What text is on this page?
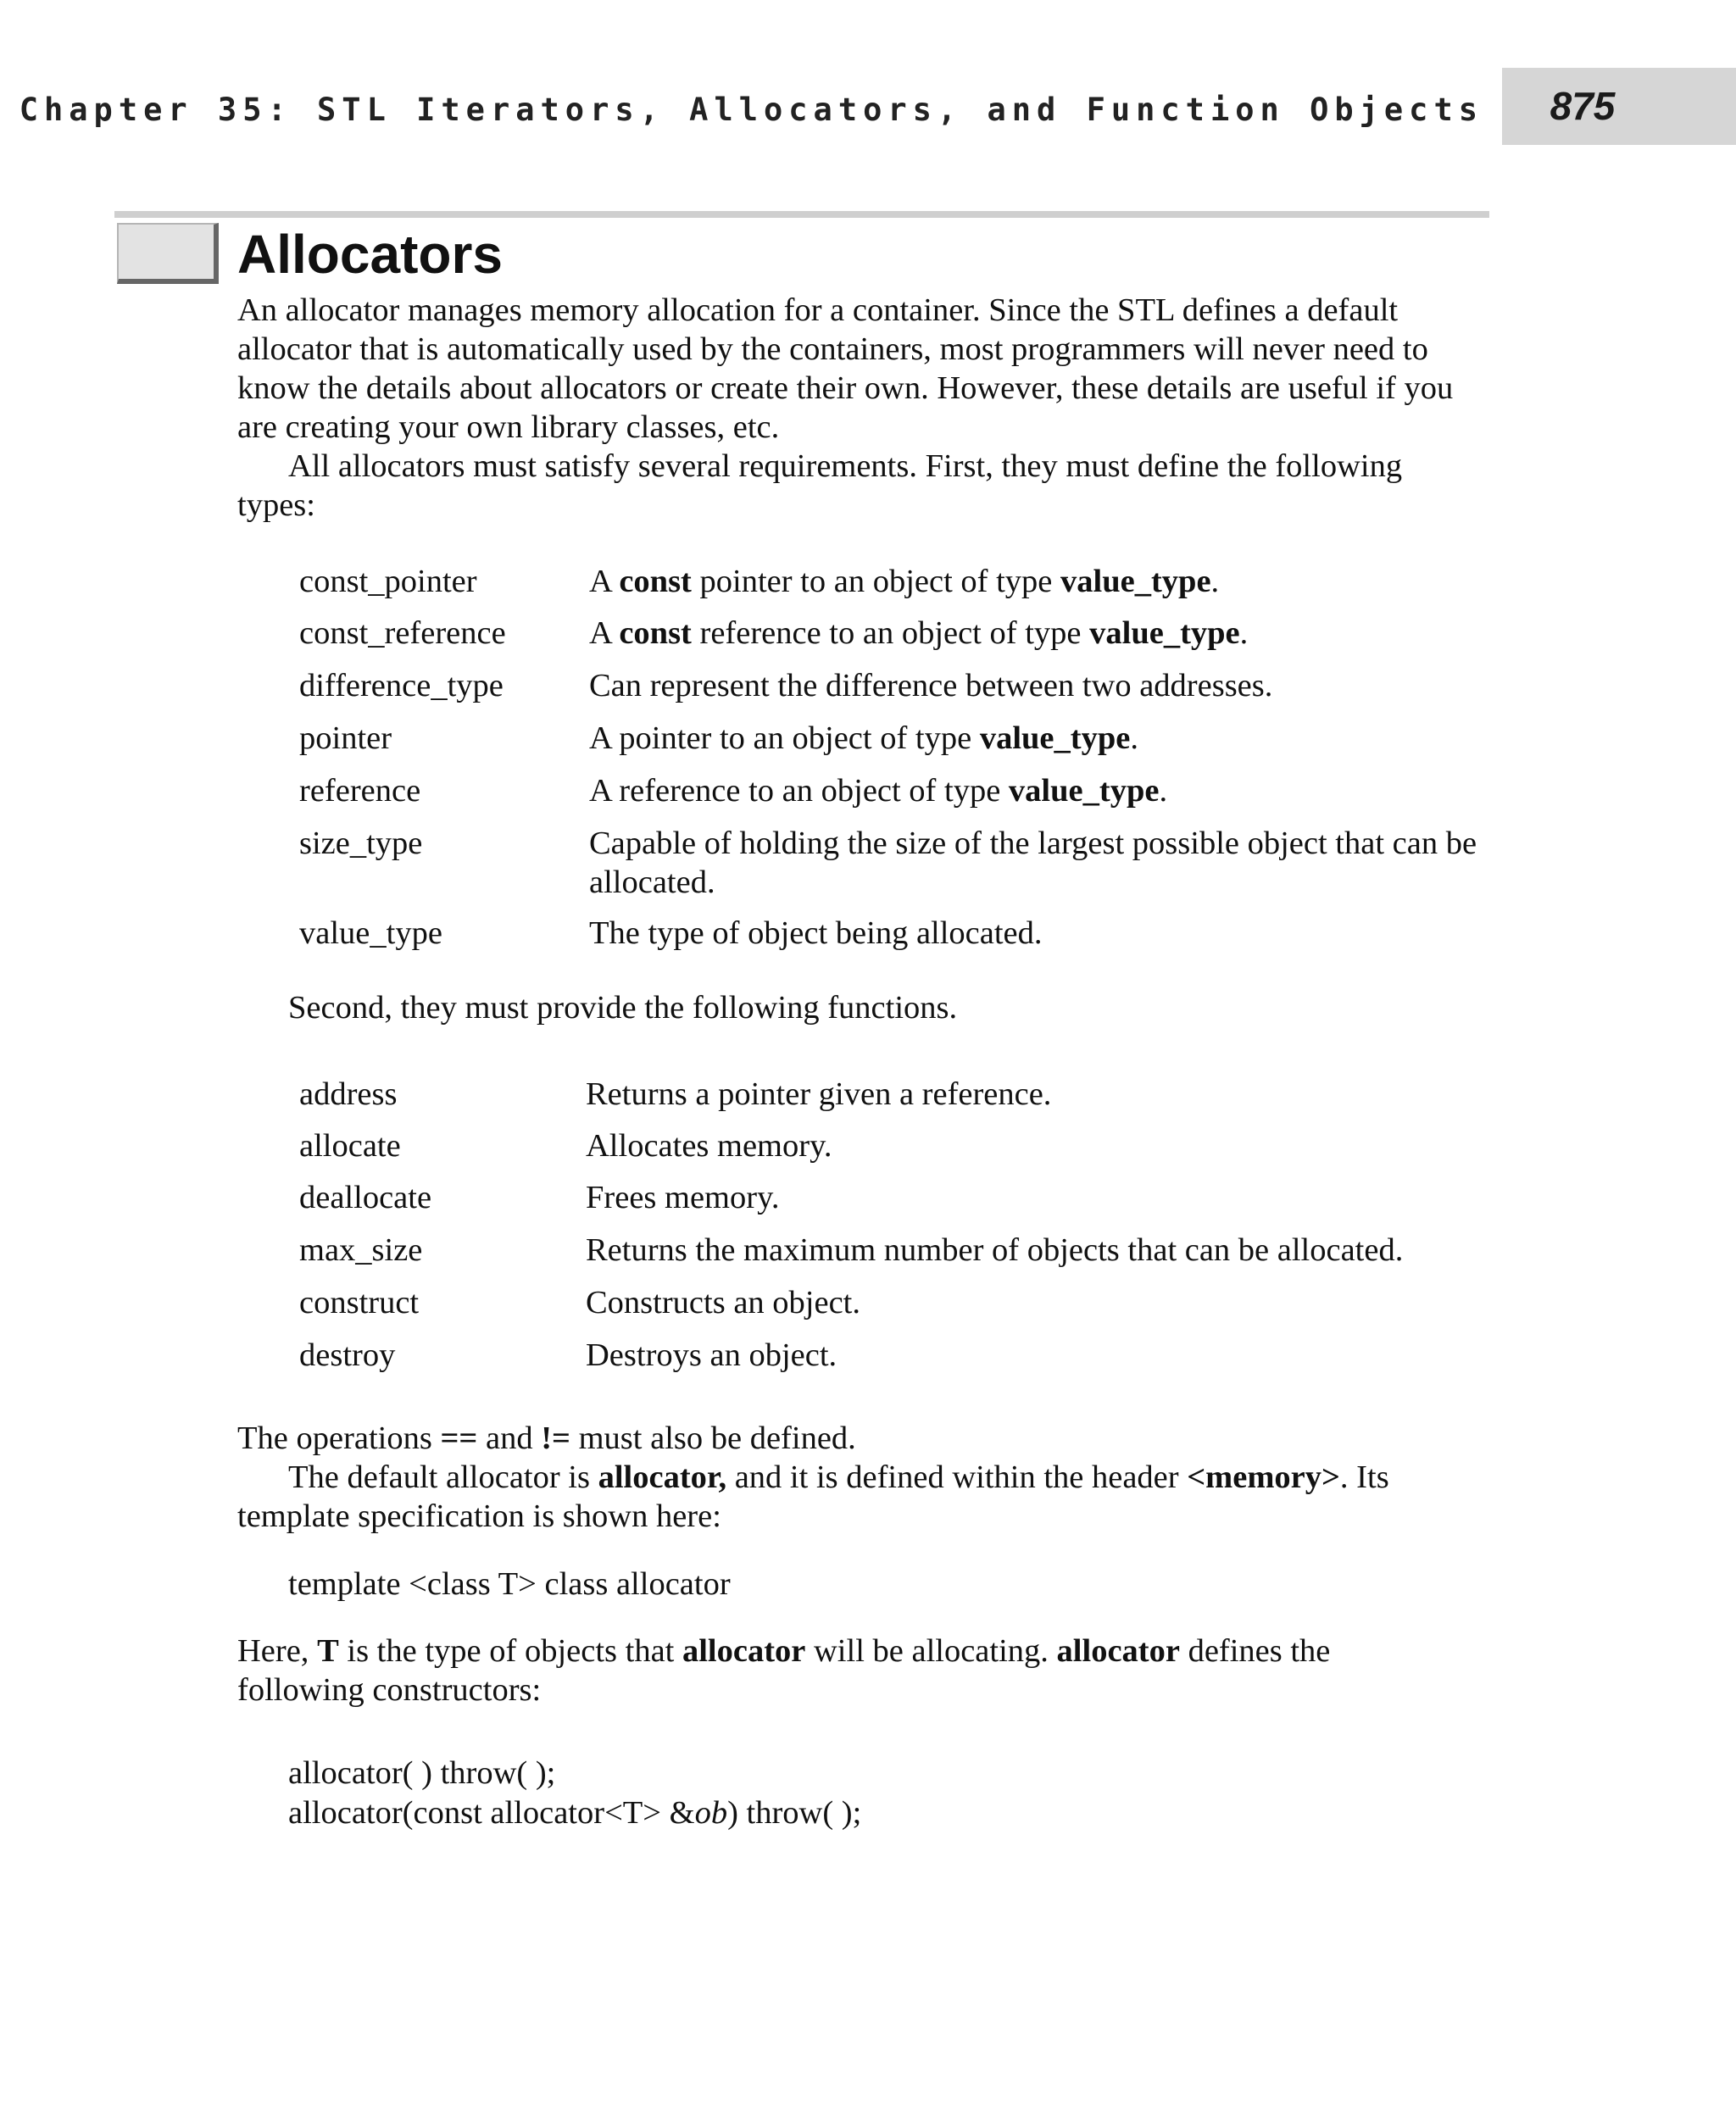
Chapter 35: STL Iterators, Allocators, and Function Objects	875
Allocators

An allocator manages memory allocation for a container. Since the STL defines a default allocator that is automatically used by the containers, most programmers will never need to know the details about allocators or create their own. However, these details are useful if you are creating your own library classes, etc.

All allocators must satisfy several requirements. First, they must define the following types:

const_pointer	A const pointer to an object of type value_type.
const_reference	A const reference to an object of type value_type.
difference_type	Can represent the difference between two addresses.
pointer	A pointer to an object of type value_type.
reference	A reference to an object of type value_type.
size_type	Capable of holding the size of the largest possible object that can be allocated.
value_type	The type of object being allocated.

Second, they must provide the following functions.

address	Returns a pointer given a reference.
allocate	Allocates memory.
deallocate	Frees memory.
max_size	Returns the maximum number of objects that can be allocated.
construct	Constructs an object.
destroy	Destroys an object.

The operations == and != must also be defined.

The default allocator is allocator, and it is defined within the header <memory>. Its template specification is shown here:

template <class T> class allocator

Here, T is the type of objects that allocator will be allocating. allocator defines the following constructors:

allocator( ) throw( );

allocator(const allocator<T> &ob) throw( );
